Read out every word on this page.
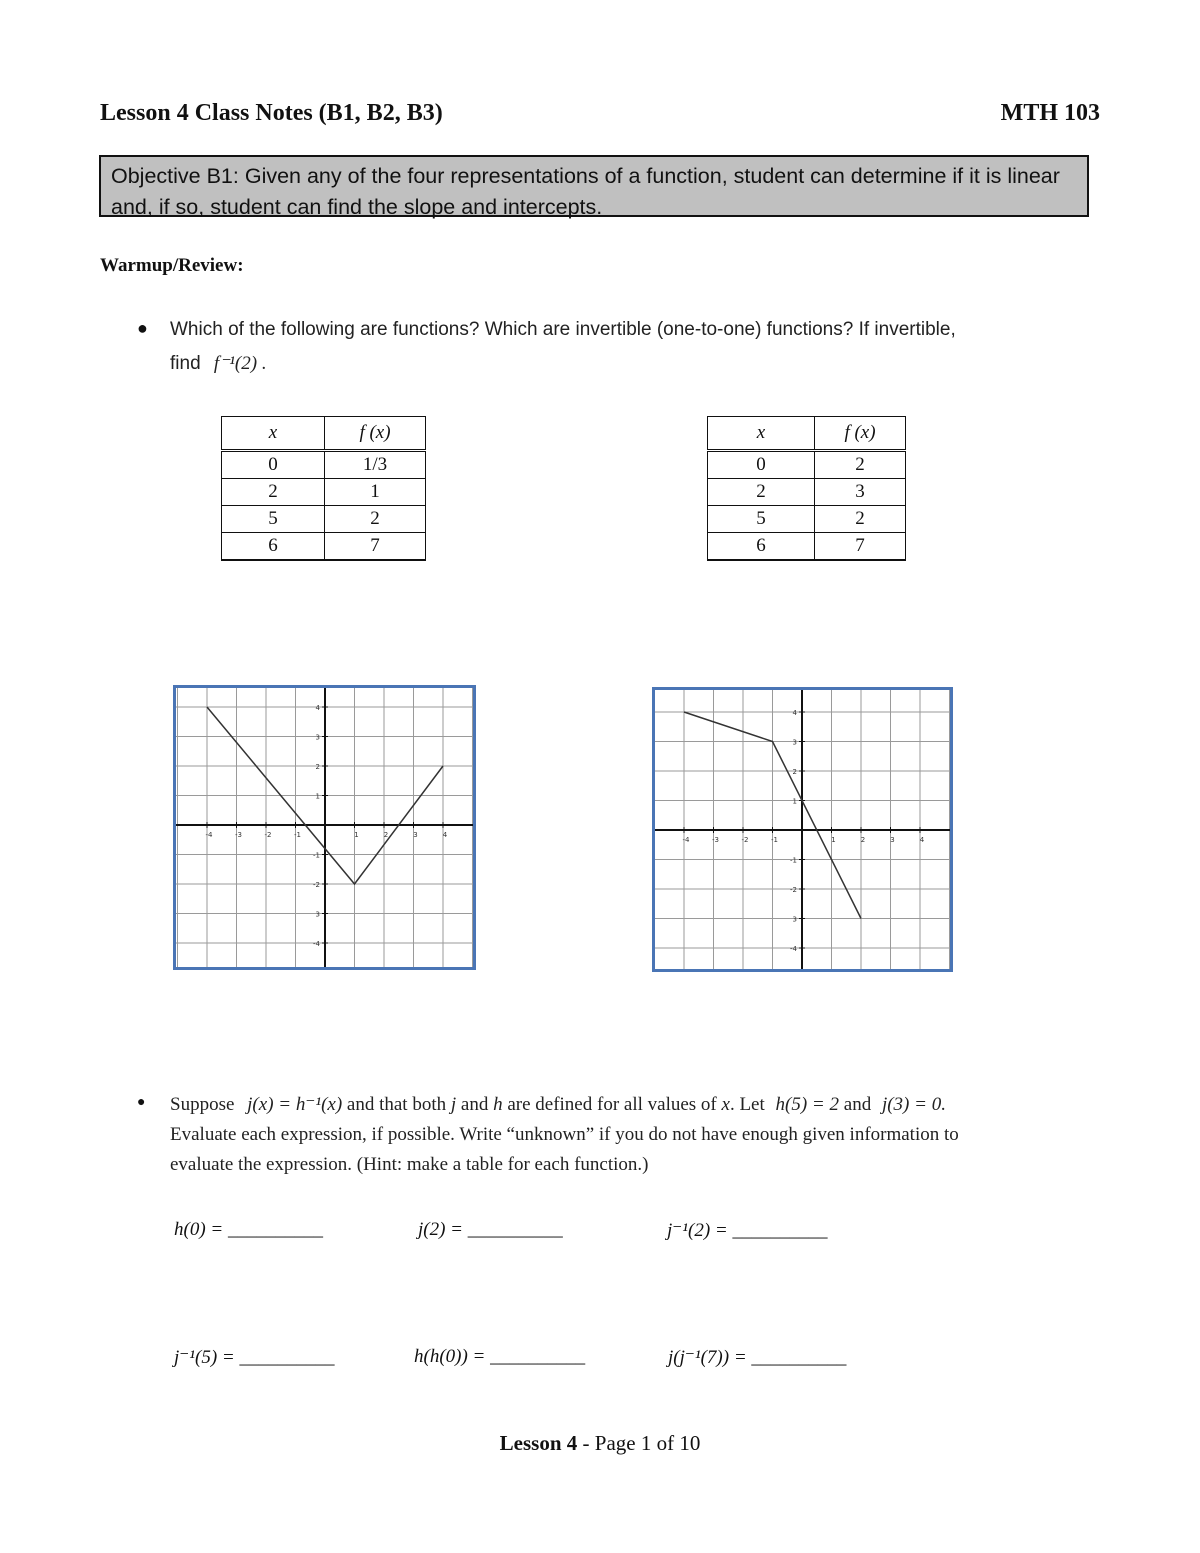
Lesson 4 Class Notes (B1, B2, B3)	MTH 103
Objective B1: Given any of the four representations of a function, student can determine if it is linear and, if so, student can find the slope and intercepts.
Warmup/Review:
● Which of the following are functions? Which are invertible (one-to-one) functions? If invertible,
find f⁻¹(2) .
x	f (x)
0	1/3
2	1
5	2
6	7
x	f (x)
0	2
2	3
5	2
6	7
-4	-3	-2	-1	1	2	3	4
4
3
2
1
-1
-2
3
-4
-4	-3	-2	-1	1	2	3	4
4
3
2
1
-1
-2
3
-4
● Suppose j(x) = h⁻¹(x) and that both j and h are defined for all values of x. Let h(5) = 2 and j(3) = 0.
Evaluate each expression, if possible. Write “unknown” if you do not have enough given information to
evaluate the expression. (Hint: make a table for each function.)
h(0) = __________	j(2) = __________	j⁻¹(2) = __________
j⁻¹(5) = __________	h(h(0)) = __________	j(j⁻¹(7)) = __________
Lesson 4 - Page 1 of 10
